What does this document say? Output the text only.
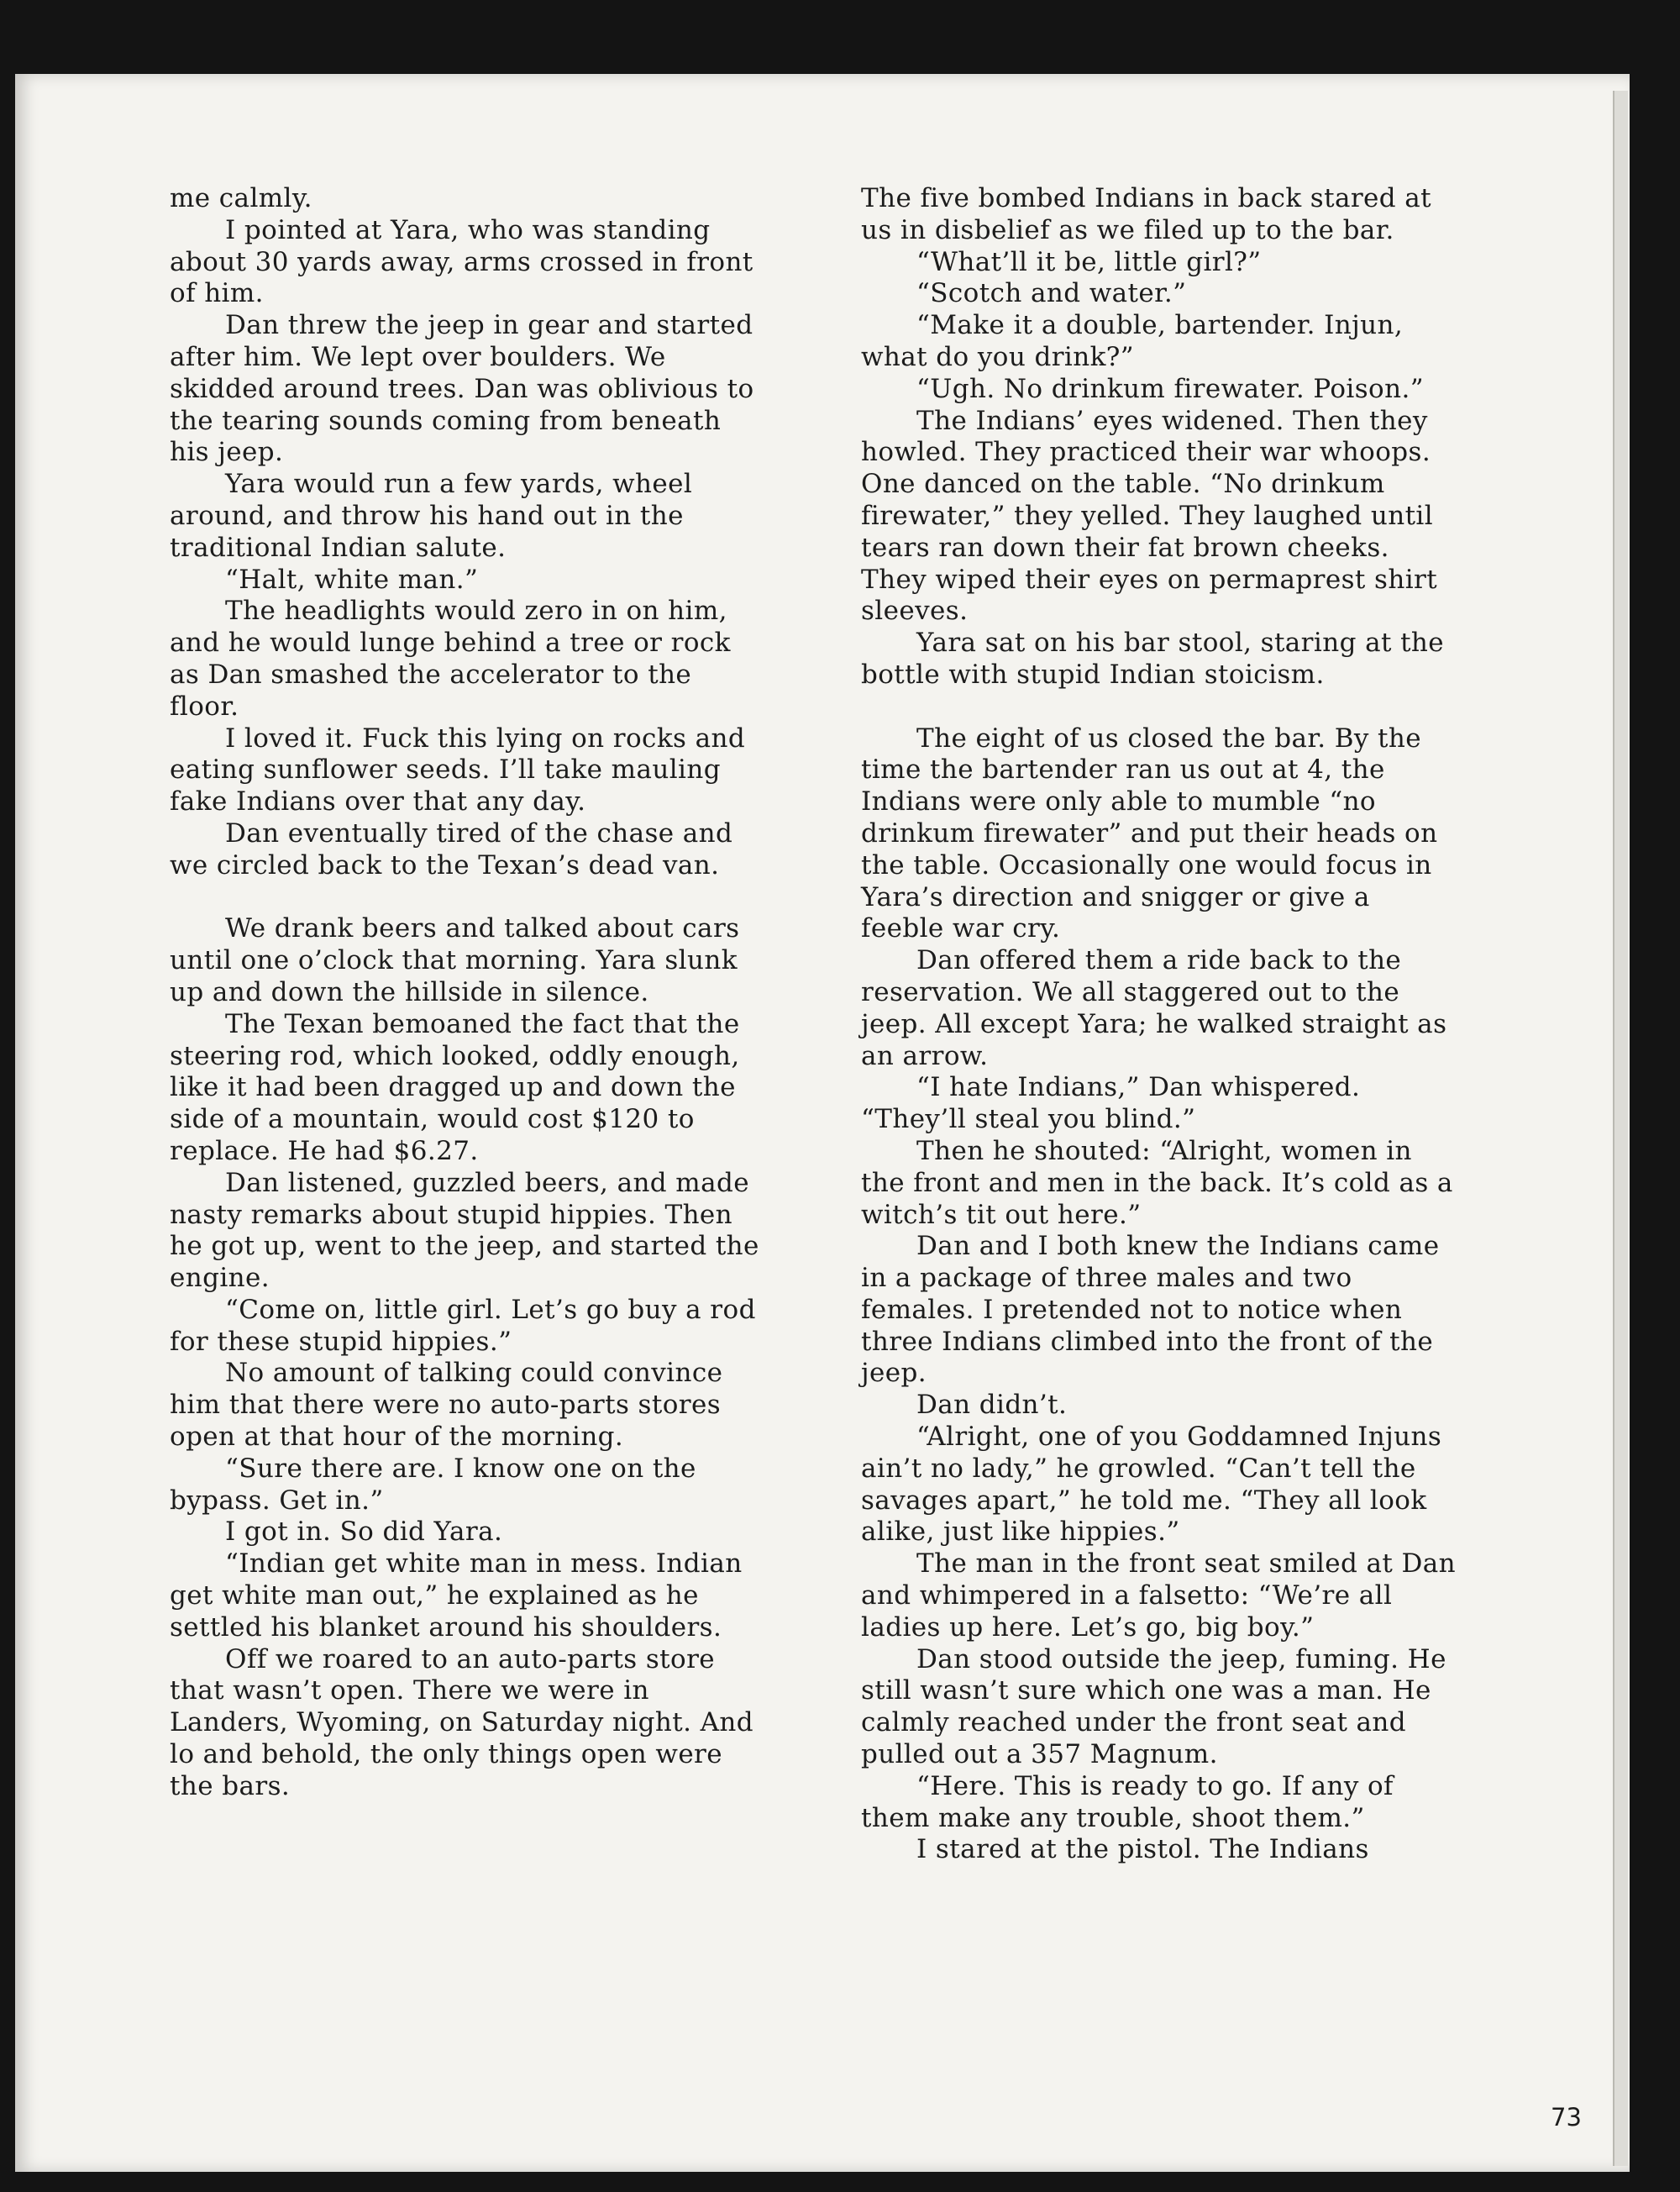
me calmly.

I pointed at Yara, who was standing about 30 yards away, arms crossed in front of him.

Dan threw the jeep in gear and started after him. We lept over boulders. We skidded around trees. Dan was oblivious to the tearing sounds coming from beneath his jeep.

Yara would run a few yards, wheel around, and throw his hand out in the traditional Indian salute.

“Halt, white man.”

The headlights would zero in on him, and he would lunge behind a tree or rock as Dan smashed the accelerator to the floor.

I loved it. Fuck this lying on rocks and eating sunflower seeds. I’ll take mauling fake Indians over that any day.

Dan eventually tired of the chase and we circled back to the Texan’s dead van.

We drank beers and talked about cars until one o’clock that morning. Yara slunk up and down the hillside in silence.

The Texan bemoaned the fact that the steering rod, which looked, oddly enough, like it had been dragged up and down the side of a mountain, would cost $120 to replace. He had $6.27.

Dan listened, guzzled beers, and made nasty remarks about stupid hippies. Then he got up, went to the jeep, and started the engine.

“Come on, little girl. Let’s go buy a rod for these stupid hippies.”

No amount of talking could convince him that there were no auto-parts stores open at that hour of the morning.

“Sure there are. I know one on the bypass. Get in.”

I got in. So did Yara.

“Indian get white man in mess. Indian get white man out,” he explained as he settled his blanket around his shoulders.

Off we roared to an auto-parts store that wasn’t open. There we were in Landers, Wyoming, on Saturday night. And lo and behold, the only things open were the bars.

The five bombed Indians in back stared at us in disbelief as we filed up to the bar.

“What’ll it be, little girl?”

“Scotch and water.”

“Make it a double, bartender. Injun, what do you drink?”

“Ugh. No drinkum firewater. Poison.”

The Indians’ eyes widened. Then they howled. They practiced their war whoops. One danced on the table. “No drinkum firewater,” they yelled. They laughed until tears ran down their fat brown cheeks. They wiped their eyes on permaprest shirt sleeves.

Yara sat on his bar stool, staring at the bottle with stupid Indian stoicism.

The eight of us closed the bar. By the time the bartender ran us out at 4, the Indians were only able to mumble “no drinkum firewater” and put their heads on the table. Occasionally one would focus in Yara’s direction and snigger or give a feeble war cry.

Dan offered them a ride back to the reservation. We all staggered out to the jeep. All except Yara; he walked straight as an arrow.

“I hate Indians,” Dan whispered. “They’ll steal you blind.”

Then he shouted: “Alright, women in the front and men in the back. It’s cold as a witch’s tit out here.”

Dan and I both knew the Indians came in a package of three males and two females. I pretended not to notice when three Indians climbed into the front of the jeep.

Dan didn’t.

“Alright, one of you Goddamned Injuns ain’t no lady,” he growled. “Can’t tell the savages apart,” he told me. “They all look alike, just like hippies.”

The man in the front seat smiled at Dan and whimpered in a falsetto: “We’re all ladies up here. Let’s go, big boy.”

Dan stood outside the jeep, fuming. He still wasn’t sure which one was a man. He calmly reached under the front seat and pulled out a 357 Magnum.

“Here. This is ready to go. If any of them make any trouble, shoot them.”

I stared at the pistol. The Indians

73
